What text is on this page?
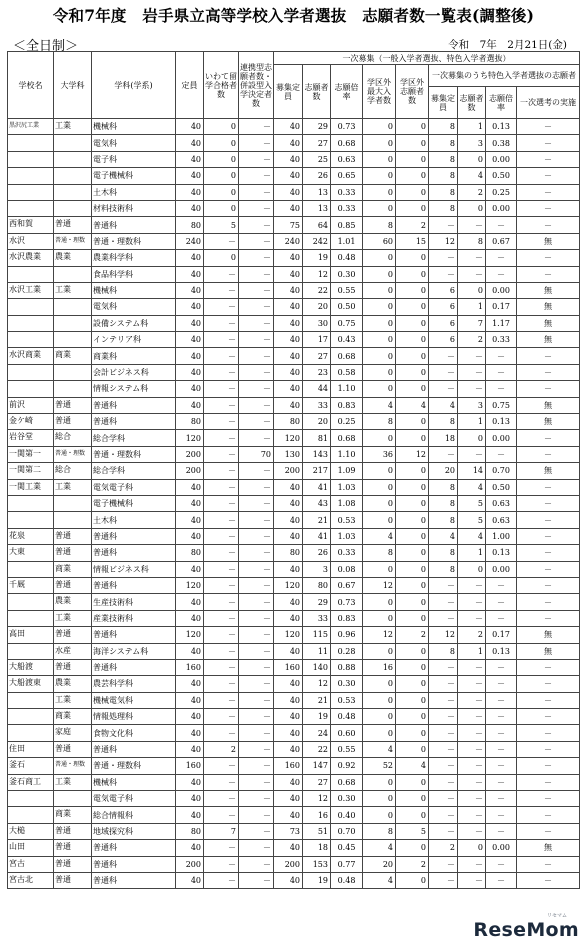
令和7年度　岩手県立高等学校入学者選抜　志願者数一覧表(調整後)
＜全日制＞	令和　7年　2月21日(金)
学校名	大学科	学科(学系)	定員	いわて留学合格者数	連携型志願者数・併設型入学決定者数	一次募集（一般入学者選抜、特色入学者選抜）								
						募集定員	志願者数	志願倍率	学区外最大入学者数	学区外志願者数	一次募集のうち特色入学者選抜の志願者			
											募集定員	志願者数	志願倍率	一次選考の実施
黒沢尻工業	工業	機械科	40	0	－	40	29	0.73	0	0	8	1	0.13	－
		電気科	40	0	－	40	27	0.68	0	0	8	3	0.38	－
		電子科	40	0	－	40	25	0.63	0	0	8	0	0.00	－
		電子機械科	40	0	－	40	26	0.65	0	0	8	4	0.50	－
		土木科	40	0	－	40	13	0.33	0	0	8	2	0.25	－
		材料技術科	40	0	－	40	13	0.33	0	0	8	0	0.00	－
西和賀	普通	普通科	80	5	－	75	64	0.85	8	2	－	－	－	－
水沢	普通・理数	普通・理数科	240	－	－	240	242	1.01	60	15	12	8	0.67	無
水沢農業	農業	農業科学科	40	0	－	40	19	0.48	0	0	－	－	－	－
		食品科学科	40	－	－	40	12	0.30	0	0	－	－	－	－
水沢工業	工業	機械科	40	－	－	40	22	0.55	0	0	6	0	0.00	無
		電気科	40	－	－	40	20	0.50	0	0	6	1	0.17	無
		設備システム科	40	－	－	40	30	0.75	0	0	6	7	1.17	無
		インテリア科	40	－	－	40	17	0.43	0	0	6	2	0.33	無
水沢商業	商業	商業科	40	－	－	40	27	0.68	0	0	－	－	－	－
		会計ビジネス科	40	－	－	40	23	0.58	0	0	－	－	－	－
		情報システム科	40	－	－	40	44	1.10	0	0	－	－	－	－
前沢	普通	普通科	40	－	－	40	33	0.83	4	4	4	3	0.75	無
金ケ崎	普通	普通科	80	－	－	80	20	0.25	8	0	8	1	0.13	無
岩谷堂	総合	総合学科	120	－	－	120	81	0.68	0	0	18	0	0.00	－
一関第一	普通・理数	普通・理数科	200	－	70	130	143	1.10	36	12	－	－	－	－
一関第二	総合	総合学科	200	－	－	200	217	1.09	0	0	20	14	0.70	無
一関工業	工業	電気電子科	40	－	－	40	41	1.03	0	0	8	4	0.50	－
		電子機械科	40	－	－	40	43	1.08	0	0	8	5	0.63	－
		土木科	40	－	－	40	21	0.53	0	0	8	5	0.63	－
花泉	普通	普通科	40	－	－	40	41	1.03	4	0	4	4	1.00	－
大東	普通	普通科	80	－	－	80	26	0.33	8	0	8	1	0.13	－
	商業	情報ビジネス科	40	－	－	40	3	0.08	0	0	8	0	0.00	－
千厩	普通	普通科	120	－	－	120	80	0.67	12	0	－	－	－	－
	農業	生産技術科	40	－	－	40	29	0.73	0	0	－	－	－	－
	工業	産業技術科	40	－	－	40	33	0.83	0	0	－	－	－	－
高田	普通	普通科	120	－	－	120	115	0.96	12	2	12	2	0.17	無
	水産	海洋システム科	40	－	－	40	11	0.28	0	0	8	1	0.13	無
大船渡	普通	普通科	160	－	－	160	140	0.88	16	0	－	－	－	－
大船渡東	農業	農芸科学科	40	－	－	40	12	0.30	0	0	－	－	－	－
	工業	機械電気科	40	－	－	40	21	0.53	0	0	－	－	－	－
	商業	情報処理科	40	－	－	40	19	0.48	0	0	－	－	－	－
	家庭	食物文化科	40	－	－	40	24	0.60	0	0	－	－	－	－
住田	普通	普通科	40	2	－	40	22	0.55	4	0	－	－	－	－
釜石	普通・理数	普通・理数科	160	－	－	160	147	0.92	52	4	－	－	－	－
釜石商工	工業	機械科	40	－	－	40	27	0.68	0	0	－	－	－	－
		電気電子科	40	－	－	40	12	0.30	0	0	－	－	－	－
	商業	総合情報科	40	－	－	40	16	0.40	0	0	－	－	－	－
大槌	普通	地域探究科	80	7	－	73	51	0.70	8	5	－	－	－	－
山田	普通	普通科	40	－	－	40	18	0.45	4	0	2	0	0.00	無
宮古	普通	普通科	200	－	－	200	153	0.77	20	2	－	－	－	－
宮古北	普通	普通科	40	－	－	40	19	0.48	4	0	－	－	－	－
リセマム
ReseMom
